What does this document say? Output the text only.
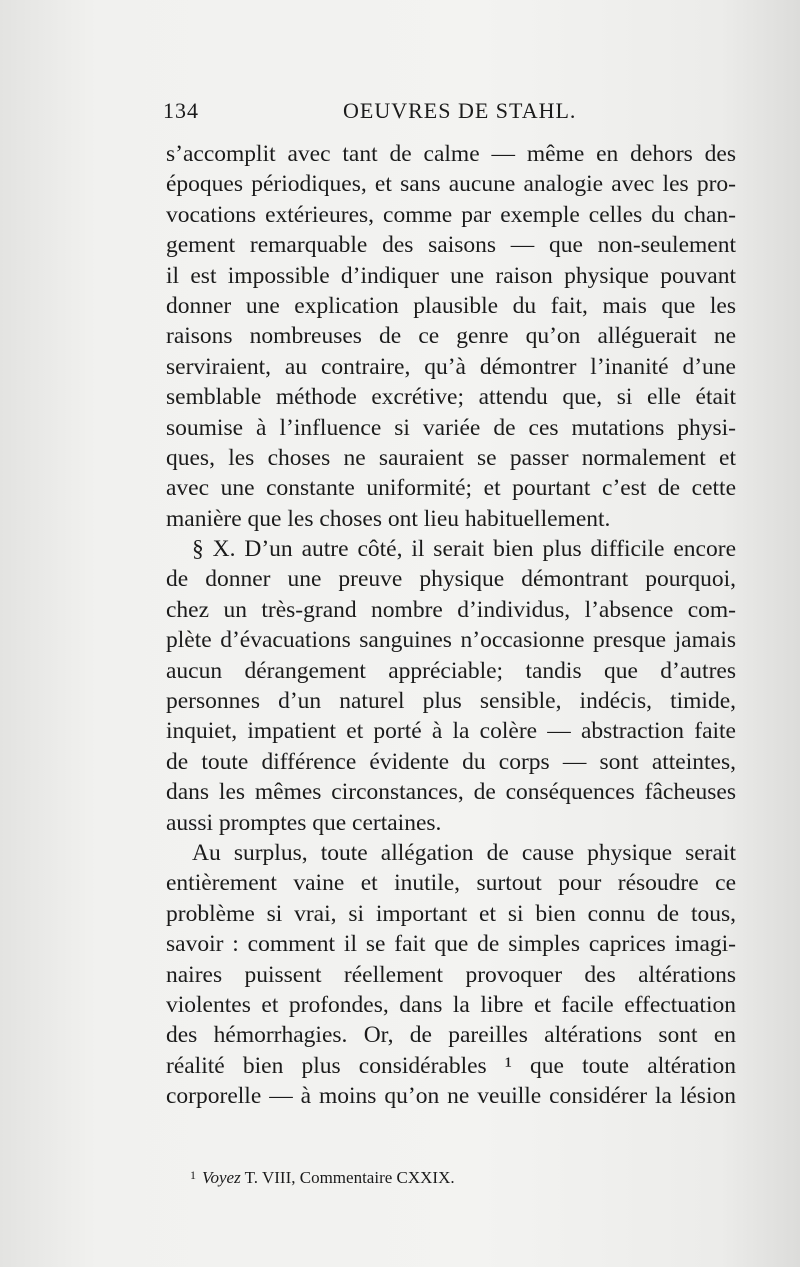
134	OEUVRES DE STAHL.
s’accomplit avec tant de calme — même en dehors des
époques périodiques, et sans aucune analogie avec les pro-
vocations extérieures, comme par exemple celles du chan-
gement remarquable des saisons — que non-seulement
il est impossible d’indiquer une raison physique pouvant
donner une explication plausible du fait, mais que les
raisons nombreuses de ce genre qu’on alléguerait ne
serviraient, au contraire, qu’à démontrer l’inanité d’une
semblable méthode excrétive; attendu que, si elle était
soumise à l’influence si variée de ces mutations physi-
ques, les choses ne sauraient se passer normalement et
avec une constante uniformité; et pourtant c’est de cette
manière que les choses ont lieu habituellement.
§ X. D’un autre côté, il serait bien plus difficile encore
de donner une preuve physique démontrant pourquoi,
chez un très-grand nombre d’individus, l’absence com-
plète d’évacuations sanguines n’occasionne presque jamais
aucun dérangement appréciable; tandis que d’autres
personnes d’un naturel plus sensible, indécis, timide,
inquiet, impatient et porté à la colère — abstraction faite
de toute différence évidente du corps — sont atteintes,
dans les mêmes circonstances, de conséquences fâcheuses
aussi promptes que certaines.
Au surplus, toute allégation de cause physique serait
entièrement vaine et inutile, surtout pour résoudre ce
problème si vrai, si important et si bien connu de tous,
savoir : comment il se fait que de simples caprices imagi-
naires puissent réellement provoquer des altérations
violentes et profondes, dans la libre et facile effectuation
des hémorrhagies. Or, de pareilles altérations sont en
réalité bien plus considérables ¹ que toute altération
corporelle — à moins qu’on ne veuille considérer la lésion
$^1$ Voyez T. VIII, Commentaire CXXIX.
